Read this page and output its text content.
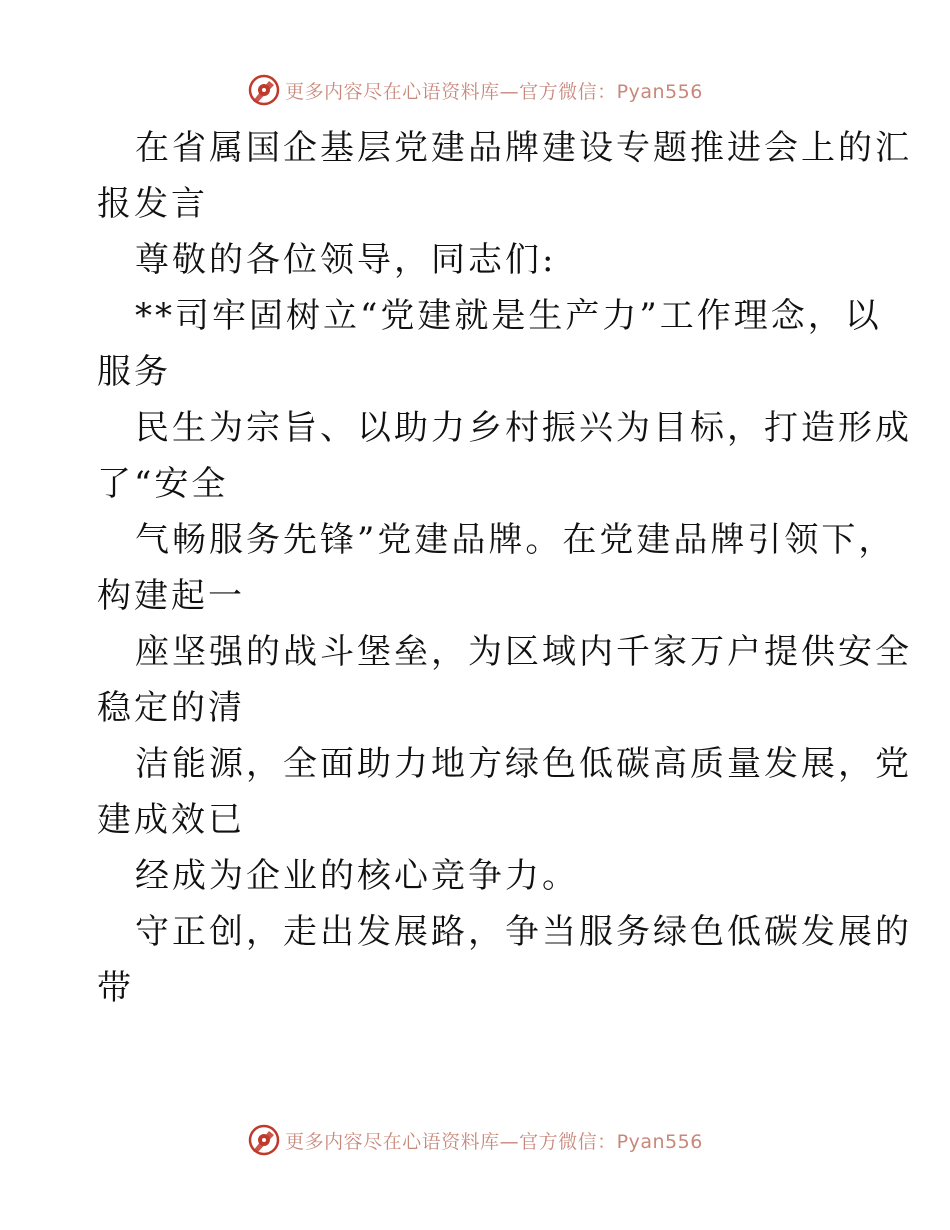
更多内容尽在心语资料库—官方微信：Pyan556
在省属国企基层党建品牌建设专题推进会上的汇
报发言
尊敬的各位领导，同志们:
**司牢固树立“党建就是生产力”工作理念，以
服务
民生为宗旨、以助力乡村振兴为目标，打造形成
了“安全
气畅服务先锋”党建品牌。在党建品牌引领下，
构建起一
座坚强的战斗堡垒，为区域内千家万户提供安全
稳定的清
洁能源，全面助力地方绿色低碳高质量发展，党
建成效已
经成为企业的核心竞争力。
守正创，走出发展路，争当服务绿色低碳发展的
带
更多内容尽在心语资料库—官方微信：Pyan556
